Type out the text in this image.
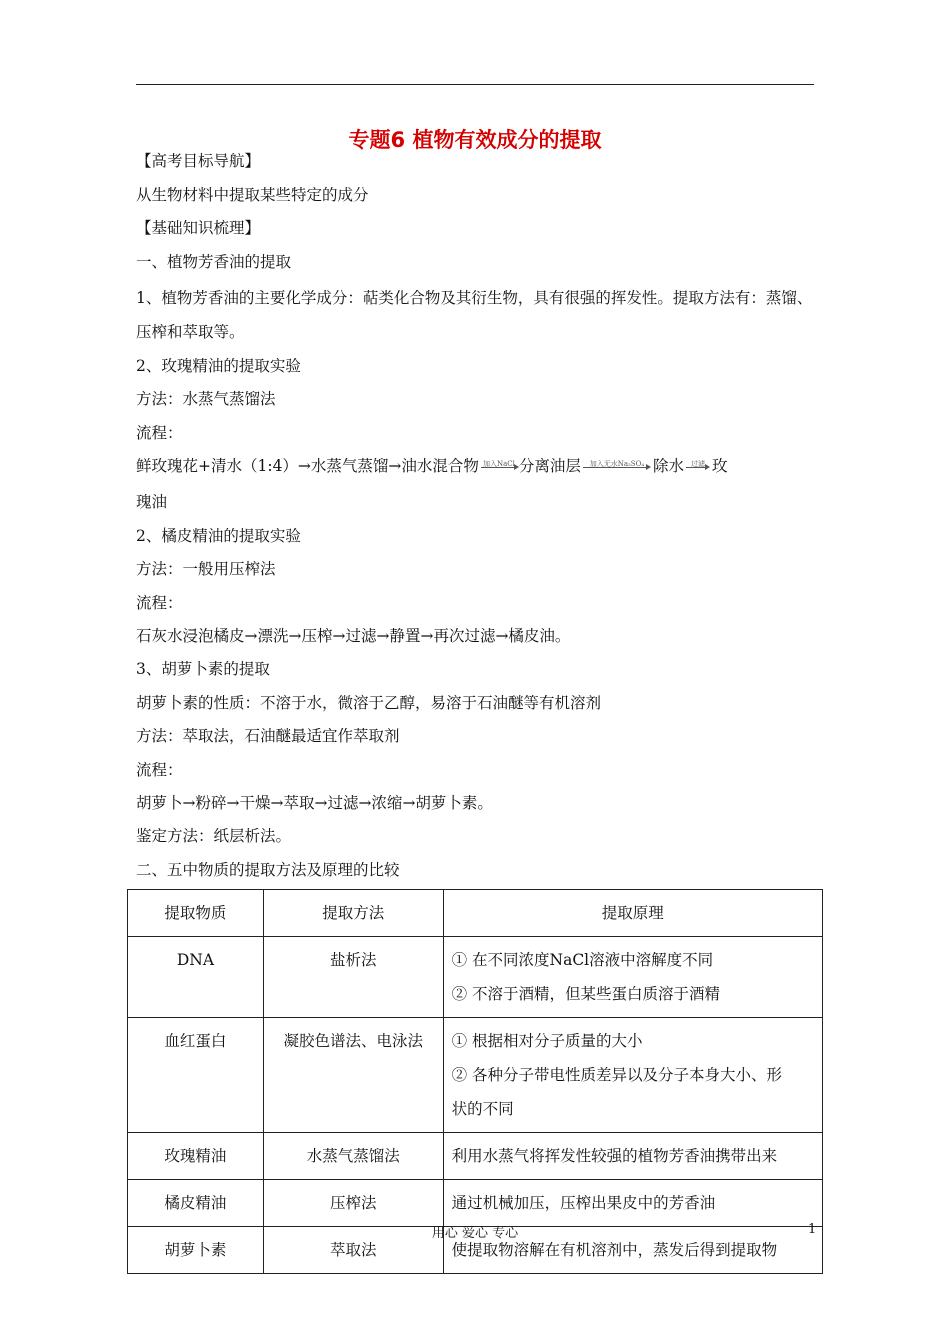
专题6 植物有效成分的提取
【高考目标导航】
从生物材料中提取某些特定的成分
【基础知识梳理】
一、植物芳香油的提取
1、植物芳香油的主要化学成分：萜类化合物及其衍生物，具有很强的挥发性。提取方法有：蒸馏、
压榨和萃取等。
2、玫瑰精油的提取实验
方法：水蒸气蒸馏法
流程：
鲜玫瑰花+清水（1:4）→水蒸气蒸馏→油水混合物 加入NaCl 分离油层	加入无水Na₂SO₄ 除水	过滤 玫
瑰油
2、橘皮精油的提取实验
方法：一般用压榨法
流程：
石灰水浸泡橘皮→漂洗→压榨→过滤→静置→再次过滤→橘皮油。
3、胡萝卜素的提取
胡萝卜素的性质：不溶于水，微溶于乙醇，易溶于石油醚等有机溶剂
方法：萃取法，石油醚最适宜作萃取剂
流程：
胡萝卜→粉碎→干燥→萃取→过滤→浓缩→胡萝卜素。
鉴定方法：纸层析法。
二、五中物质的提取方法及原理的比较
提取物质	提取方法	提取原理
DNA	盐析法	① 在不同浓度NaCl溶液中溶解度不同
② 不溶于酒精，但某些蛋白质溶于酒精

血红蛋白	凝胶色谱法、电泳法	① 根据相对分子质量的大小
② 各种分子带电性质差异以及分子本身大小、形
状的不同

玫瑰精油	水蒸气蒸馏法	利用水蒸气将挥发性较强的植物芳香油携带出来
橘皮精油	压榨法	通过机械加压，压榨出果皮中的芳香油
胡萝卜素	萃取法	使提取物溶解在有机溶剂中，蒸发后得到提取物
用心 爱心 专心	1
